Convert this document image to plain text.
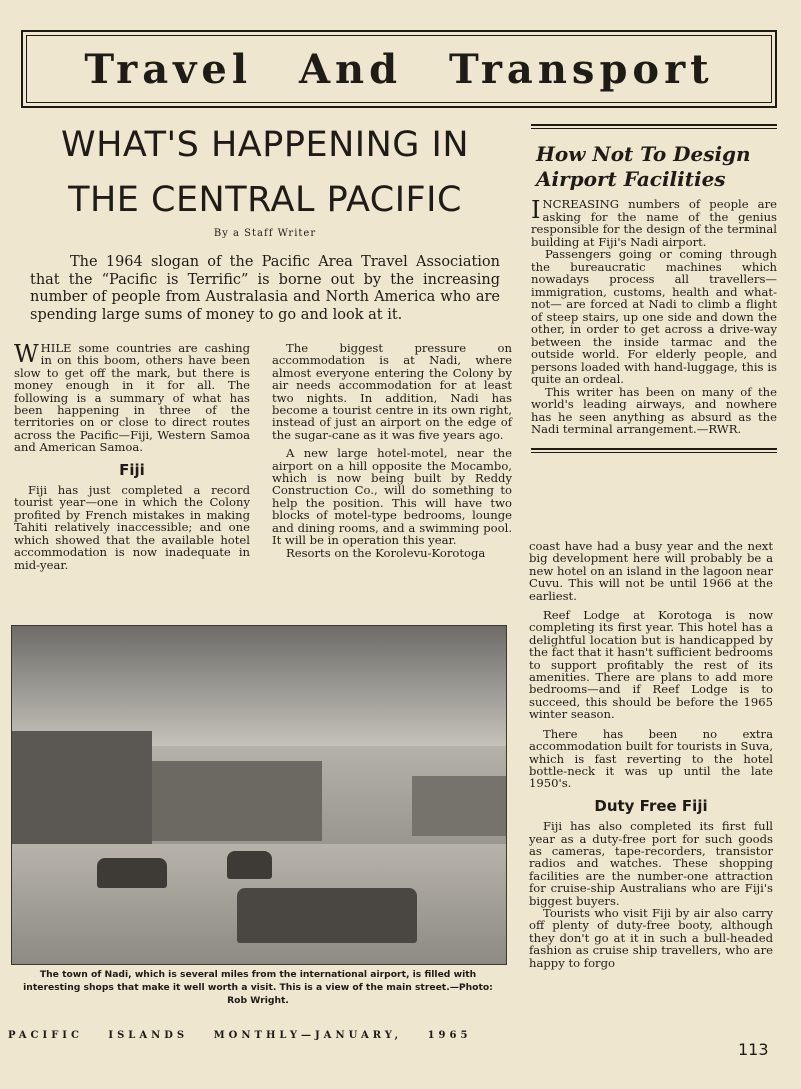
Travel And Transport
WHAT'S HAPPENING IN
THE CENTRAL PACIFIC
By a Staff Writer

The 1964 slogan of the Pacific Area Travel Association that the “Pacific is Terrific” is borne out by the increasing number of people from Australasia and North America who are spending large sums of money to go and look at it.

WHILE some countries are cashing in on this boom, others have been slow to get off the mark, but there is money enough in it for all. The following is a summary of what has been happening in three of the territories on or close to direct routes across the Pacific—Fiji, Western Samoa and American Samoa.

Fiji

Fiji has just completed a record tourist year—one in which the Colony profited by French mistakes in making Tahiti relatively inaccessible; and one which showed that the available hotel accommodation is now inadequate in mid-year.

The biggest pressure on accommodation is at Nadi, where almost everyone entering the Colony by air needs accommodation for at least two nights. In addition, Nadi has become a tourist centre in its own right, instead of just an airport on the edge of the sugar-cane as it was five years ago.

A new large hotel-motel, near the airport on a hill opposite the Mocambo, which is now being built by Reddy Construction Co., will do something to help the position. This will have two blocks of motel-type bedrooms, lounge and dining rooms, and a swimming pool. It will be in operation this year.

Resorts on the Korolevu-Korotoga

How Not To Design
Airport Facilities

INCREASING numbers of people are asking for the name of the genius responsible for the design of the terminal building at Fiji's Nadi airport.

Passengers going or coming through the bureaucratic machines which nowadays process all travellers—immigration, customs, health and what-not— are forced at Nadi to climb a flight of steep stairs, up one side and down the other, in order to get across a drive-way between the inside tarmac and the outside world. For elderly people, and persons loaded with hand-luggage, this is quite an ordeal.

This writer has been on many of the world's leading airways, and nowhere has he seen anything as absurd as the Nadi terminal arrangement.—RWR.

coast have had a busy year and the next big development here will probably be a new hotel on an island in the lagoon near Cuvu. This will not be until 1966 at the earliest.

Reef Lodge at Korotoga is now completing its first year. This hotel has a delightful location but is handicapped by the fact that it hasn't sufficient bedrooms to support profitably the rest of its amenities. There are plans to add more bedrooms—and if Reef Lodge is to succeed, this should be before the 1965 winter season.

There has been no extra accommodation built for tourists in Suva, which is fast reverting to the hotel bottle-neck it was up until the late 1950's.

Duty Free Fiji

Fiji has also completed its first full year as a duty-free port for such goods as cameras, tape-recorders, transistor radios and watches. These shopping facilities are the number-one attraction for cruise-ship Australians who are Fiji's biggest buyers.

Tourists who visit Fiji by air also carry off plenty of duty-free booty, although they don't go at it in such a bull-headed fashion as cruise ship travellers, who are happy to forgo

The town of Nadi, which is several miles from the international airport, is filled with interesting shops that make it well worth a visit. This is a view of the main street.—Photo: Rob Wright.
PACIFIC ISLANDS MONTHLY—JANUARY, 1965
113
